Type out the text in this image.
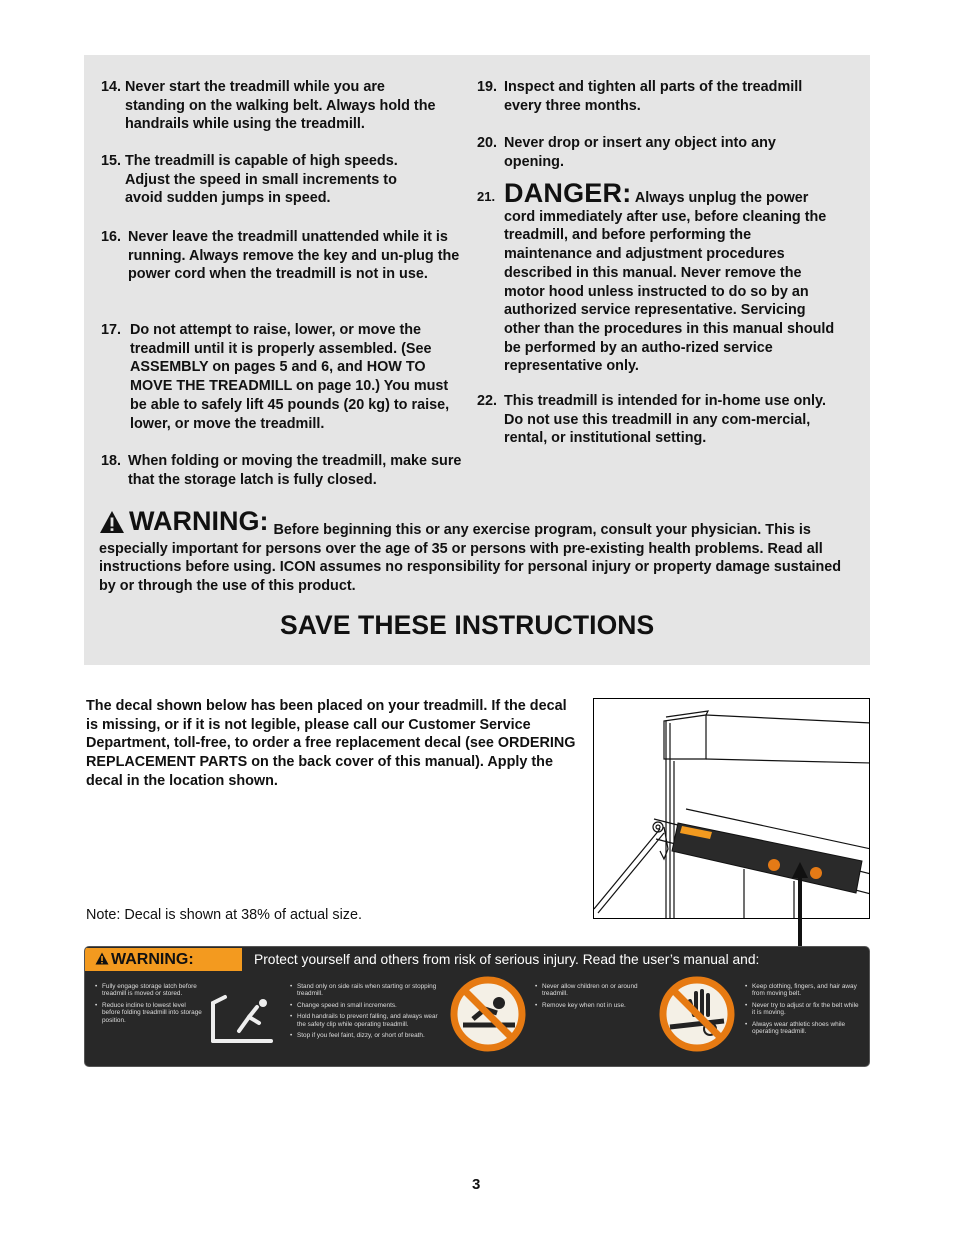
14. Never start the treadmill while you are standing on the walking belt. Always hold the handrails while using the treadmill.
15. The treadmill is capable of high speeds. Adjust the speed in small increments to avoid sudden jumps in speed.
16. Never leave the treadmill unattended while it is running. Always remove the key and un-plug the power cord when the treadmill is not in use.
17. Do not attempt to raise, lower, or move the treadmill until it is properly assembled. (See ASSEMBLY on pages 5 and 6, and HOW TO MOVE THE TREADMILL on page 10.) You must be able to safely lift 45 pounds (20 kg) to raise, lower, or move the treadmill.
18. When folding or moving the treadmill, make sure that the storage latch is fully closed.
19. Inspect and tighten all parts of the treadmill every three months.
20. Never drop or insert any object into any opening.
21. DANGER: Always unplug the power cord immediately after use, before cleaning the treadmill, and before performing the maintenance and adjustment procedures described in this manual. Never remove the motor hood unless instructed to do so by an authorized service representative. Servicing other than the procedures in this manual should be performed by an autho-rized service representative only.
22. This treadmill is intended for in-home use only. Do not use this treadmill in any com-mercial, rental, or institutional setting.
WARNING: Before beginning this or any exercise program, consult your physician. This is especially important for persons over the age of 35 or persons with pre-existing health problems. Read all instructions before using. ICON assumes no responsibility for personal injury or property damage sustained by or through the use of this product.
SAVE THESE INSTRUCTIONS
The decal shown below has been placed on your treadmill. If the decal is missing, or if it is not legible, please call our Customer Service Department, toll-free, to order a free replacement decal (see ORDERING REPLACEMENT PARTS on the back cover of this manual). Apply the decal in the location shown.
Note: Decal is shown at 38% of actual size.
WARNING:	Protect yourself and others from risk of serious injury. Read the user’s manual and:
• Fully engage storage latch before treadmill is moved or stored.
• Reduce incline to lowest level before folding treadmill into storage position.
• Stand only on side rails when starting or stopping treadmill.
• Change speed in small increments.
• Hold handrails to prevent falling, and always wear the safety clip while operating treadmill.
• Stop if you feel faint, dizzy, or short of breath.
• Never allow children on or around treadmill.
• Remove key when not in use.
• Keep clothing, fingers, and hair away from moving belt.
• Never try to adjust or fix the belt while it is moving.
• Always wear athletic shoes while operating treadmill.
3
